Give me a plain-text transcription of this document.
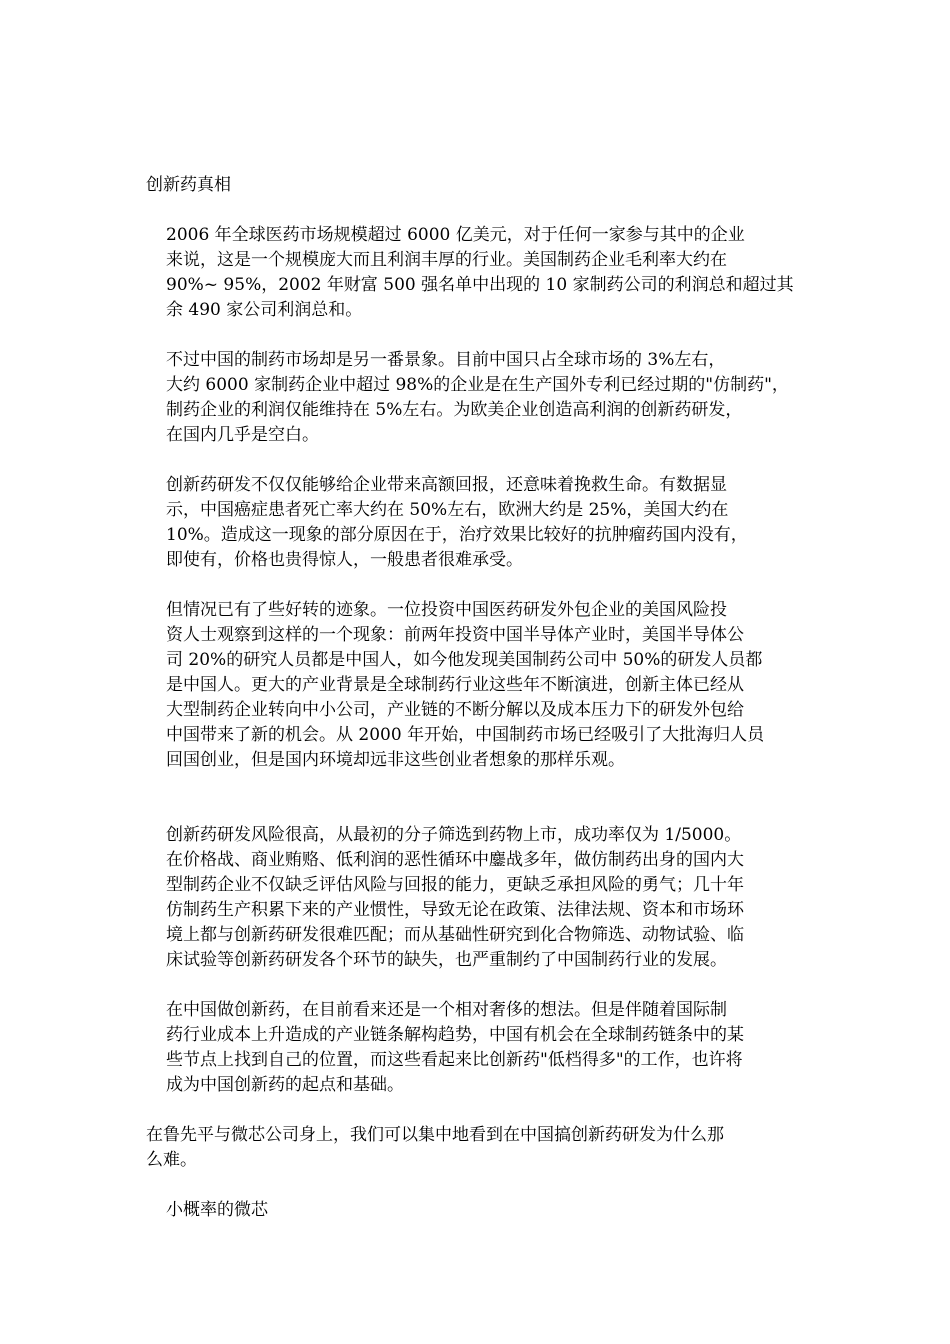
创新药真相

2006 年全球医药市场规模超过 6000 亿美元，对于任何一家参与其中的企业
来说，这是一个规模庞大而且利润丰厚的行业。美国制药企业毛利率大约在
90%~ 95%，2002 年财富 500 强名单中出现的 10 家制药公司的利润总和超过其
余 490 家公司利润总和。

不过中国的制药市场却是另一番景象。目前中国只占全球市场的 3%左右，
大约 6000 家制药企业中超过 98%的企业是在生产国外专利已经过期的"仿制药"，
制药企业的利润仅能维持在 5%左右。为欧美企业创造高利润的创新药研发，
在国内几乎是空白。

创新药研发不仅仅能够给企业带来高额回报，还意味着挽救生命。有数据显
示，中国癌症患者死亡率大约在 50%左右，欧洲大约是 25%，美国大约在
10%。造成这一现象的部分原因在于，治疗效果比较好的抗肿瘤药国内没有，
即使有，价格也贵得惊人，一般患者很难承受。

但情况已有了些好转的迹象。一位投资中国医药研发外包企业的美国风险投
资人士观察到这样的一个现象：前两年投资中国半导体产业时，美国半导体公
司 20%的研究人员都是中国人，如今他发现美国制药公司中 50%的研发人员都
是中国人。更大的产业背景是全球制药行业这些年不断演进，创新主体已经从
大型制药企业转向中小公司，产业链的不断分解以及成本压力下的研发外包给
中国带来了新的机会。从 2000 年开始，中国制药市场已经吸引了大批海归人员
回国创业，但是国内环境却远非这些创业者想象的那样乐观。

创新药研发风险很高，从最初的分子筛选到药物上市，成功率仅为 1/5000。
在价格战、商业贿赂、低利润的恶性循环中鏖战多年，做仿制药出身的国内大
型制药企业不仅缺乏评估风险与回报的能力，更缺乏承担风险的勇气；几十年
仿制药生产积累下来的产业惯性，导致无论在政策、法律法规、资本和市场环
境上都与创新药研发很难匹配；而从基础性研究到化合物筛选、动物试验、临
床试验等创新药研发各个环节的缺失，也严重制约了中国制药行业的发展。

在中国做创新药，在目前看来还是一个相对奢侈的想法。但是伴随着国际制
药行业成本上升造成的产业链条解构趋势，中国有机会在全球制药链条中的某
些节点上找到自己的位置，而这些看起来比创新药"低档得多"的工作，也许将
成为中国创新药的起点和基础。

在鲁先平与微芯公司身上，我们可以集中地看到在中国搞创新药研发为什么那
么难。

小概率的微芯
